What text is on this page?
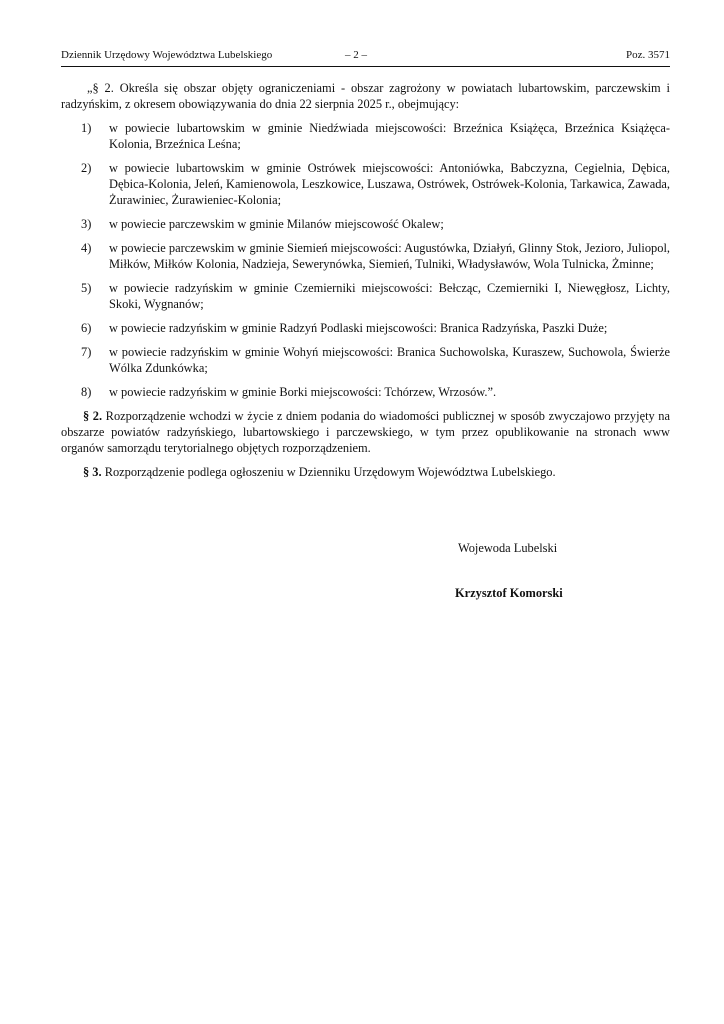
Dziennik Urzędowy Województwa Lubelskiego	– 2 –	Poz. 3571

„§ 2. Określa się obszar objęty ograniczeniami - obszar zagrożony w powiatach lubartowskim, parczewskim i radzyńskim, z okresem obowiązywania do dnia 22 sierpnia 2025 r., obejmujący:

1) w powiecie lubartowskim w gminie Niedźwiada miejscowości: Brzeźnica Książęca, Brzeźnica Książęca-Kolonia, Brzeźnica Leśna;
2) w powiecie lubartowskim w gminie Ostrówek miejscowości: Antoniówka, Babczyzna, Cegielnia, Dębica, Dębica-Kolonia, Jeleń, Kamienowola, Leszkowice, Luszawa, Ostrówek, Ostrówek-Kolonia, Tarkawica, Zawada, Żurawiniec, Żurawieniec-Kolonia;
3) w powiecie parczewskim w gminie Milanów miejscowość Okalew;
4) w powiecie parczewskim w gminie Siemień miejscowości: Augustówka, Działyń, Glinny Stok, Jezioro, Juliopol, Miłków, Miłków Kolonia, Nadzieja, Sewerynówka, Siemień, Tulniki, Władysławów, Wola Tulnicka, Żminne;
5) w powiecie radzyńskim w gminie Czemierniki miejscowości: Bełcząc, Czemierniki I, Niewęgłosz, Lichty, Skoki, Wygnanów;
6) w powiecie radzyńskim w gminie Radzyń Podlaski miejscowości: Branica Radzyńska, Paszki Duże;
7) w powiecie radzyńskim w gminie Wohyń miejscowości: Branica Suchowolska, Kuraszew, Suchowola, Świerże Wólka Zdunkówka;
8) w powiecie radzyńskim w gminie Borki miejscowości: Tchórzew, Wrzosów.”.

§ 2. Rozporządzenie wchodzi w życie z dniem podania do wiadomości publicznej w sposób zwyczajowo przyjęty na obszarze powiatów radzyńskiego, lubartowskiego i parczewskiego, w tym przez opublikowanie na stronach www organów samorządu terytorialnego objętych rozporządzeniem.

§ 3. Rozporządzenie podlega ogłoszeniu w Dzienniku Urzędowym Województwa Lubelskiego.

Wojewoda Lubelski
Krzysztof Komorski
